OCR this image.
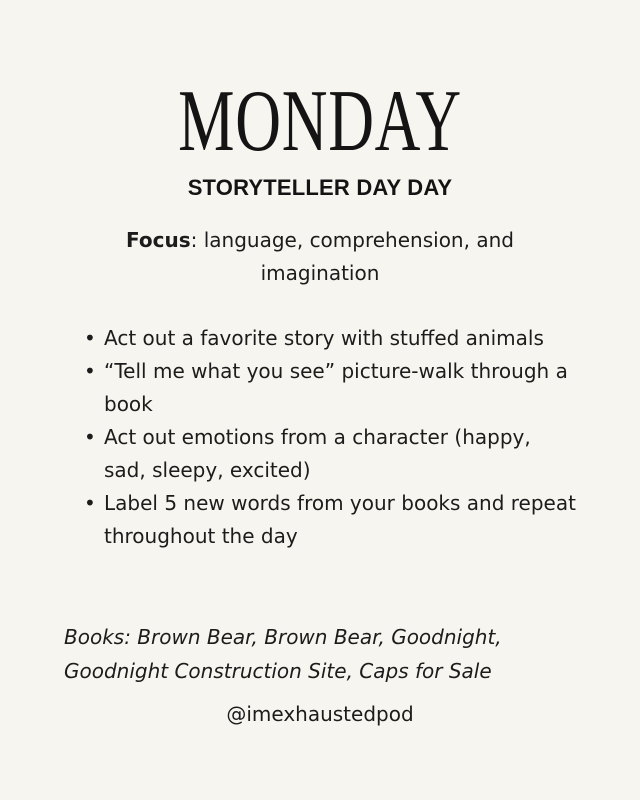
MONDAY
STORYTELLER DAY DAY
Focus: language, comprehension, and imagination
• Act out a favorite story with stuffed animals
• “Tell me what you see” picture-walk through a book
• Act out emotions from a character (happy, sad, sleepy, excited)
• Label 5 new words from your books and repeat throughout the day
Books: Brown Bear, Brown Bear, Goodnight, Goodnight Construction Site, Caps for Sale
@imexhaustedpod
